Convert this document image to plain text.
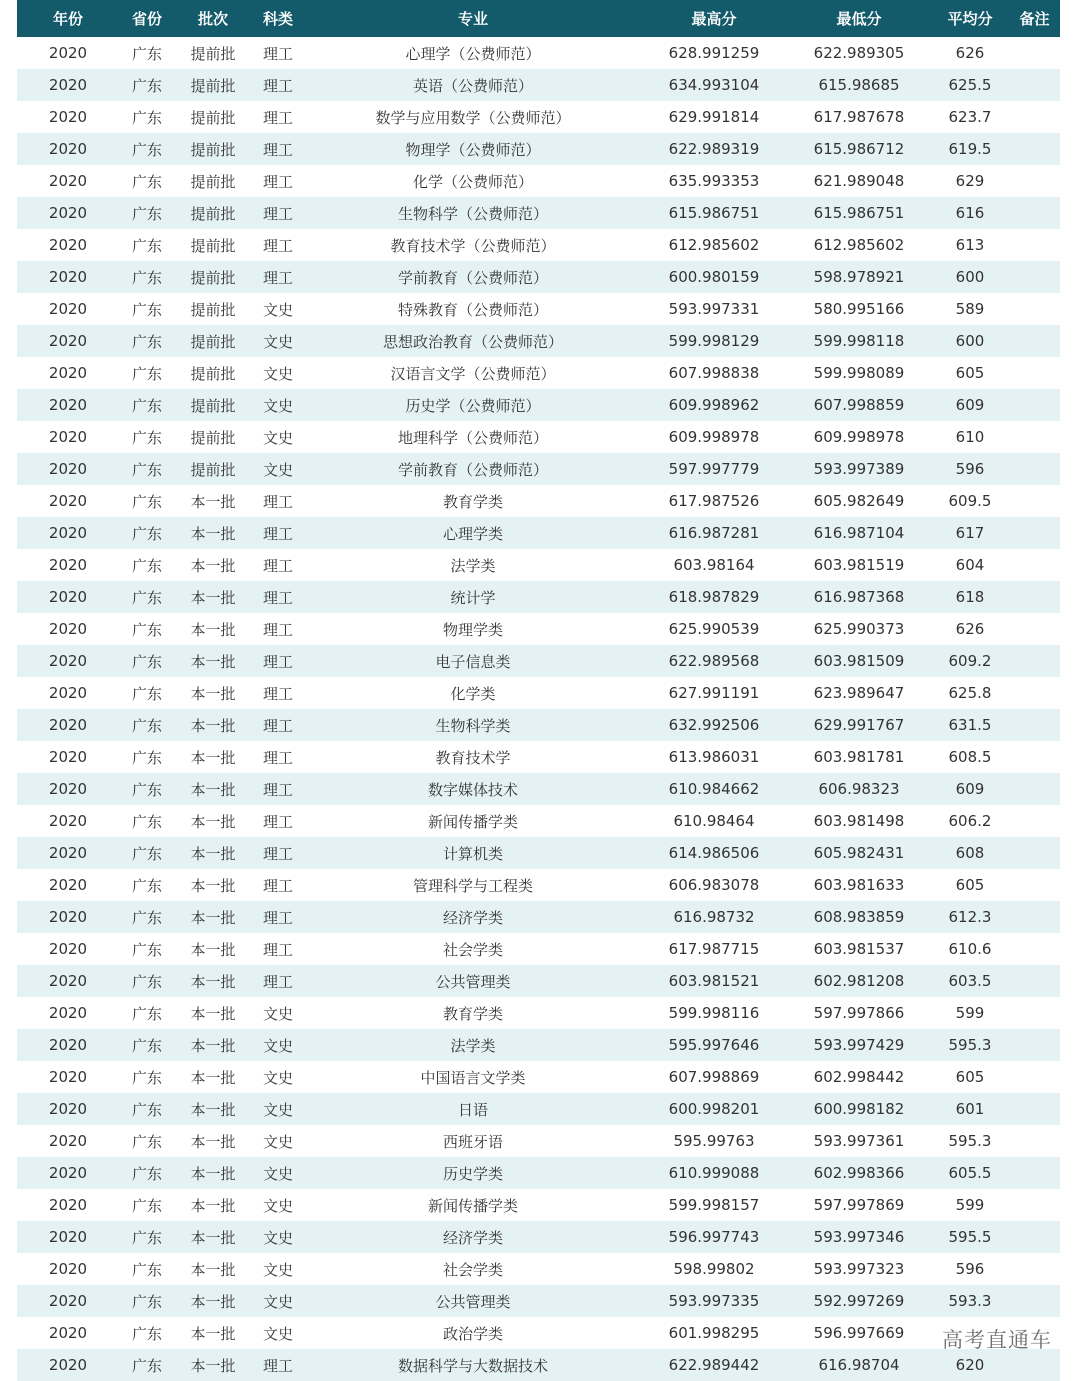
年份	省份	批次	科类	专业	最高分	最低分	平均分	备注
2020	广东	提前批	理工	心理学（公费师范）	628.991259	622.989305	626
2020	广东	提前批	理工	英语（公费师范）	634.993104	615.98685	625.5
2020	广东	提前批	理工	数学与应用数学（公费师范）	629.991814	617.987678	623.7
2020	广东	提前批	理工	物理学（公费师范）	622.989319	615.986712	619.5
2020	广东	提前批	理工	化学（公费师范）	635.993353	621.989048	629
2020	广东	提前批	理工	生物科学（公费师范）	615.986751	615.986751	616
2020	广东	提前批	理工	教育技术学（公费师范）	612.985602	612.985602	613
2020	广东	提前批	理工	学前教育（公费师范）	600.980159	598.978921	600
2020	广东	提前批	文史	特殊教育（公费师范）	593.997331	580.995166	589
2020	广东	提前批	文史	思想政治教育（公费师范）	599.998129	599.998118	600
2020	广东	提前批	文史	汉语言文学（公费师范）	607.998838	599.998089	605
2020	广东	提前批	文史	历史学（公费师范）	609.998962	607.998859	609
2020	广东	提前批	文史	地理科学（公费师范）	609.998978	609.998978	610
2020	广东	提前批	文史	学前教育（公费师范）	597.997779	593.997389	596
2020	广东	本一批	理工	教育学类	617.987526	605.982649	609.5
2020	广东	本一批	理工	心理学类	616.987281	616.987104	617
2020	广东	本一批	理工	法学类	603.98164	603.981519	604
2020	广东	本一批	理工	统计学	618.987829	616.987368	618
2020	广东	本一批	理工	物理学类	625.990539	625.990373	626
2020	广东	本一批	理工	电子信息类	622.989568	603.981509	609.2
2020	广东	本一批	理工	化学类	627.991191	623.989647	625.8
2020	广东	本一批	理工	生物科学类	632.992506	629.991767	631.5
2020	广东	本一批	理工	教育技术学	613.986031	603.981781	608.5
2020	广东	本一批	理工	数字媒体技术	610.984662	606.98323	609
2020	广东	本一批	理工	新闻传播学类	610.98464	603.981498	606.2
2020	广东	本一批	理工	计算机类	614.986506	605.982431	608
2020	广东	本一批	理工	管理科学与工程类	606.983078	603.981633	605
2020	广东	本一批	理工	经济学类	616.98732	608.983859	612.3
2020	广东	本一批	理工	社会学类	617.987715	603.981537	610.6
2020	广东	本一批	理工	公共管理类	603.981521	602.981208	603.5
2020	广东	本一批	文史	教育学类	599.998116	597.997866	599
2020	广东	本一批	文史	法学类	595.997646	593.997429	595.3
2020	广东	本一批	文史	中国语言文学类	607.998869	602.998442	605
2020	广东	本一批	文史	日语	600.998201	600.998182	601
2020	广东	本一批	文史	西班牙语	595.99763	593.997361	595.3
2020	广东	本一批	文史	历史学类	610.999088	602.998366	605.5
2020	广东	本一批	文史	新闻传播学类	599.998157	597.997869	599
2020	广东	本一批	文史	经济学类	596.997743	593.997346	595.5
2020	广东	本一批	文史	社会学类	598.99802	593.997323	596
2020	广东	本一批	文史	公共管理类	593.997335	592.997269	593.3
2020	广东	本一批	文史	政治学类	601.998295	596.997669
2020	广东	本一批	理工	数据科学与大数据技术	622.989442	616.98704	620
高考直通车
